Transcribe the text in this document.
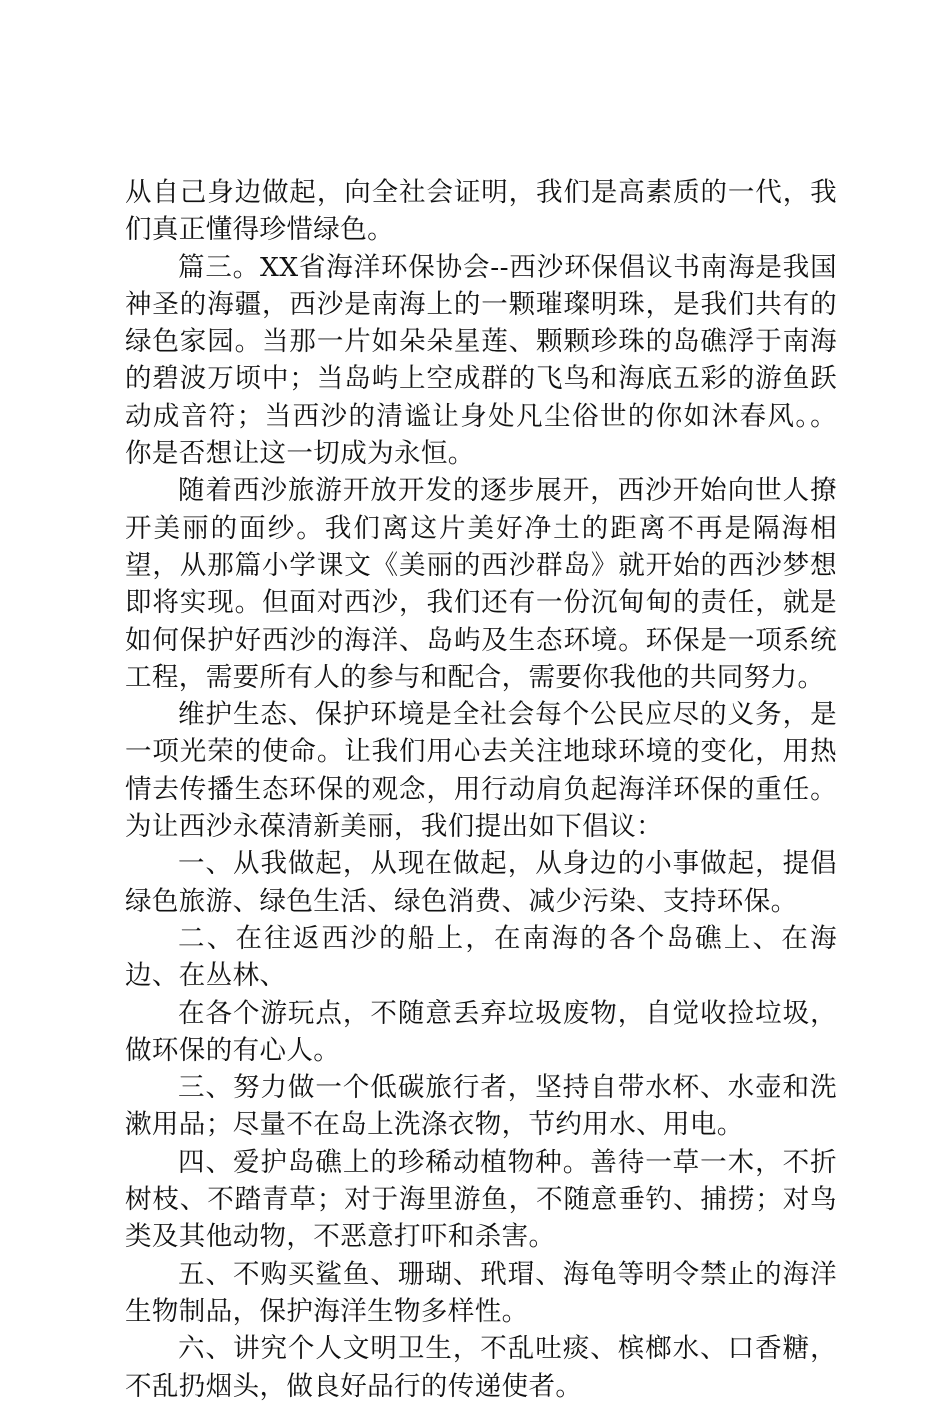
从自己身边做起，向全社会证明，我们是高素质的一代，我们真正懂得珍惜绿色。

篇三。XX省海洋环保协会--西沙环保倡议书南海是我国神圣的海疆，西沙是南海上的一颗璀璨明珠，是我们共有的绿色家园。当那一片如朵朵星莲、颗颗珍珠的岛礁浮于南海的碧波万顷中；当岛屿上空成群的飞鸟和海底五彩的游鱼跃动成音符；当西沙的清谧让身处凡尘俗世的你如沐春风。。你是否想让这一切成为永恒。

随着西沙旅游开放开发的逐步展开，西沙开始向世人撩开美丽的面纱。我们离这片美好净土的距离不再是隔海相望，从那篇小学课文《美丽的西沙群岛》就开始的西沙梦想即将实现。但面对西沙，我们还有一份沉甸甸的责任，就是如何保护好西沙的海洋、岛屿及生态环境。环保是一项系统工程，需要所有人的参与和配合，需要你我他的共同努力。

维护生态、保护环境是全社会每个公民应尽的义务，是一项光荣的使命。让我们用心去关注地球环境的变化，用热情去传播生态环保的观念，用行动肩负起海洋环保的重任。为让西沙永葆清新美丽，我们提出如下倡议：

一、从我做起，从现在做起，从身边的小事做起，提倡绿色旅游、绿色生活、绿色消费、减少污染、支持环保。

二、在往返西沙的船上，在南海的各个岛礁上、在海边、在丛林、

在各个游玩点，不随意丢弃垃圾废物，自觉收捡垃圾，做环保的有心人。

三、努力做一个低碳旅行者，坚持自带水杯、水壶和洗漱用品；尽量不在岛上洗涤衣物，节约用水、用电。

四、爱护岛礁上的珍稀动植物种。善待一草一木，不折树枝、不踏青草；对于海里游鱼，不随意垂钓、捕捞；对鸟类及其他动物，不恶意打吓和杀害。

五、不购买鲨鱼、珊瑚、玳瑁、海龟等明令禁止的海洋生物制品，保护海洋生物多样性。

六、讲究个人文明卫生，不乱吐痰、槟榔水、口香糖，不乱扔烟头，做良好品行的传递使者。
